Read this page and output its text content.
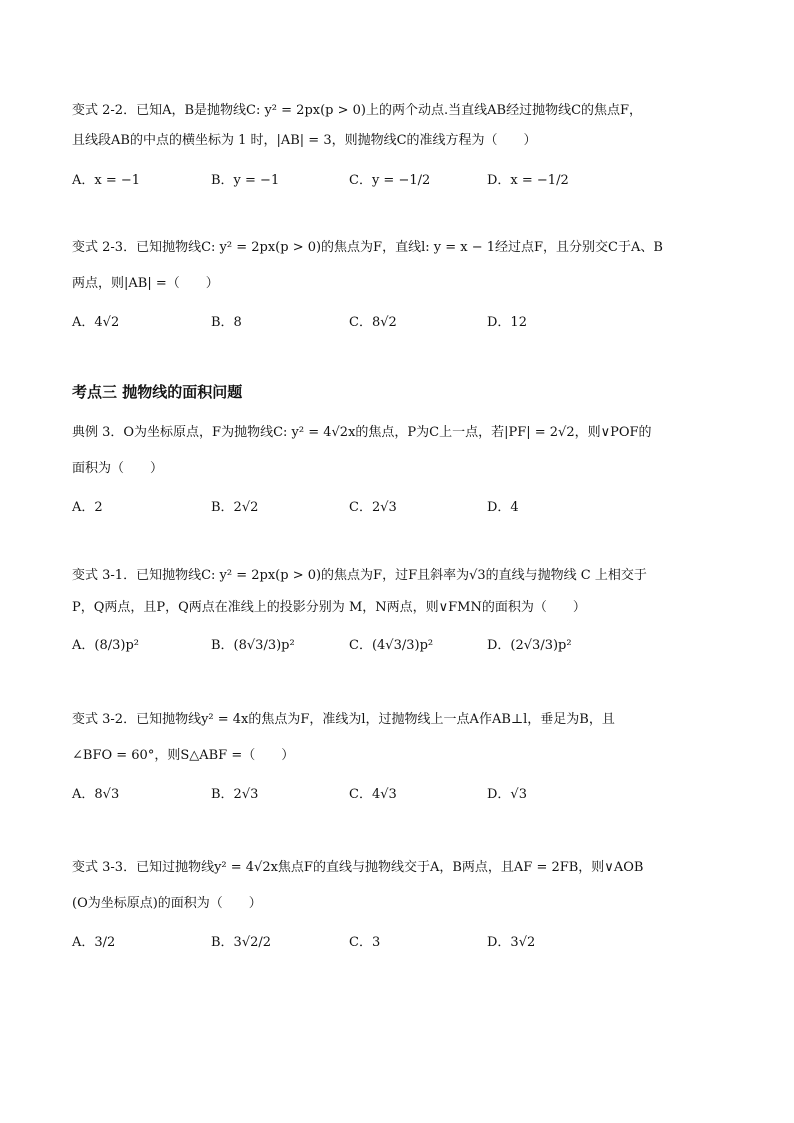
变式 2-2．已知A，B是抛物线C: y² = 2px(p > 0)上的两个动点.当直线AB经过抛物线C的焦点F，
且线段AB的中点的横坐标为 1 时，|AB| = 3，则抛物线C的准线方程为（　　）
A．x = −1	B．y = −1	C．y = −1/2	D．x = −1/2
变式 2-3．已知抛物线C: y² = 2px(p > 0)的焦点为F，直线l: y = x − 1经过点F，且分别交C于A、B
两点，则|AB| =（　　）
A．4√2	B．8	C．8√2	D．12
考点三 抛物线的面积问题
典例 3．O为坐标原点，F为抛物线C: y² = 4√2x的焦点，P为C上一点，若|PF| = 2√2，则∨POF的
面积为（　　）
A．2	B．2√2	C．2√3	D．4
变式 3-1．已知抛物线C: y² = 2px(p > 0)的焦点为F，过F且斜率为√3的直线与抛物线 C 上相交于
P，Q两点，且P，Q两点在准线上的投影分别为 M，N两点，则∨FMN的面积为（　　）
A．(8/3)p²	B．(8√3/3)p²	C．(4√3/3)p²	D．(2√3/3)p²
变式 3-2．已知抛物线y² = 4x的焦点为F，准线为l，过抛物线上一点A作AB⊥l，垂足为B，且
∠BFO = 60°，则S△ABF =（　　）
A．8√3	B．2√3	C．4√3	D．√3
变式 3-3．已知过抛物线y² = 4√2x焦点F的直线与抛物线交于A，B两点，且AF = 2FB，则∨AOB
(O为坐标原点)的面积为（　　）
A．3/2	B．3√2/2	C．3	D．3√2
